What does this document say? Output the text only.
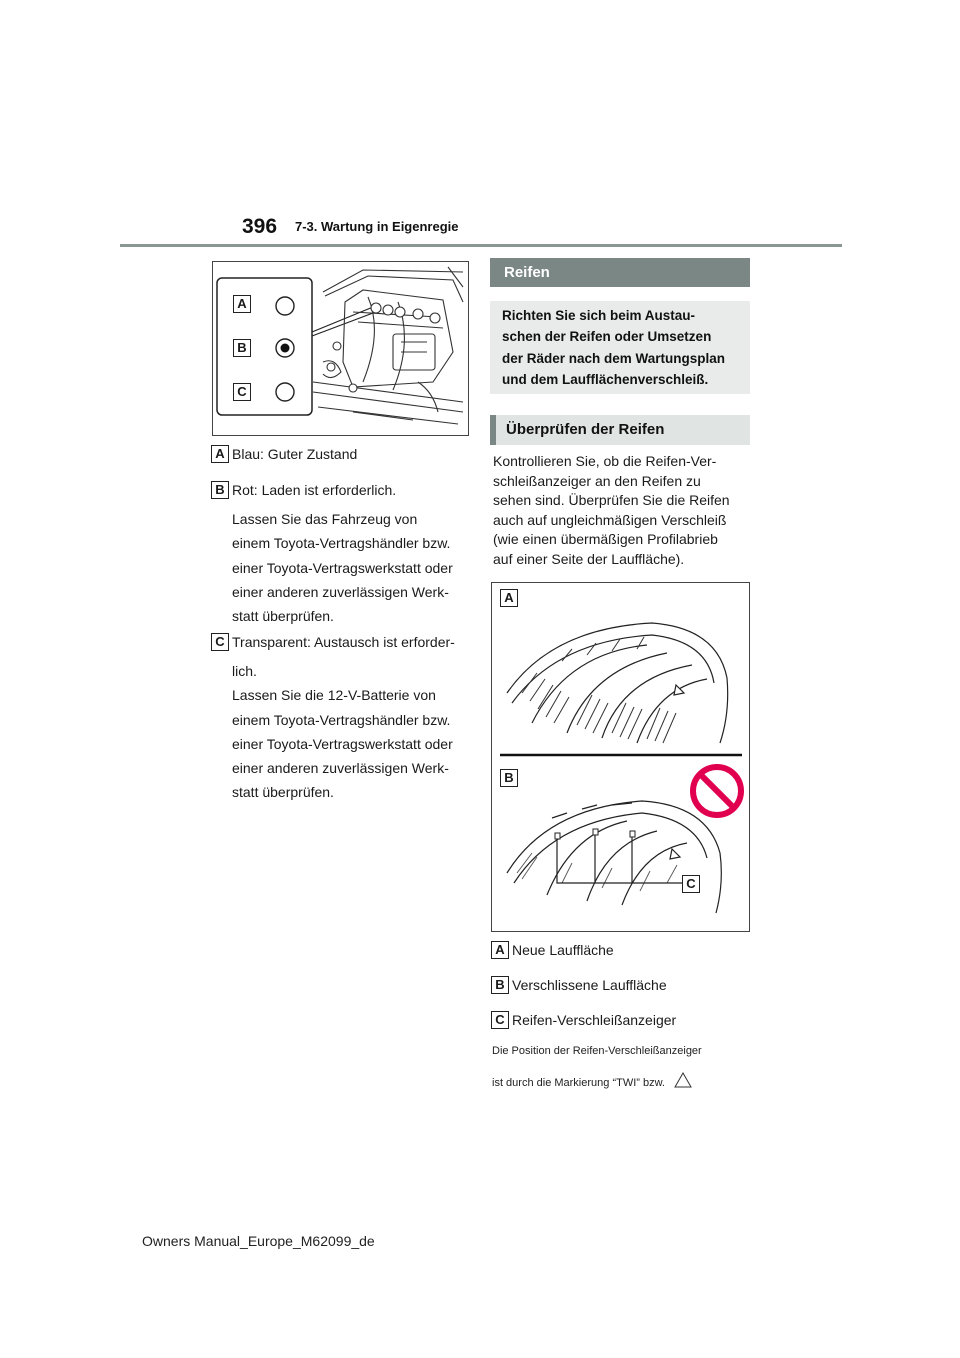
396 7-3. Wartung in Eigenregie
A
B
C
A Blau: Guter Zustand
B Rot: Laden ist erforderlich.
Lassen Sie das Fahrzeug von
einem Toyota-Vertragshändler bzw.
einer Toyota-Vertragswerkstatt oder
einer anderen zuverlässigen Werk-
statt überprüfen.
C Transparent: Austausch ist erforder-
lich.
Lassen Sie die 12-V-Batterie von
einem Toyota-Vertragshändler bzw.
einer Toyota-Vertragswerkstatt oder
einer anderen zuverlässigen Werk-
statt überprüfen.
Reifen
Richten Sie sich beim Austau-
schen der Reifen oder Umsetzen
der Räder nach dem Wartungsplan
und dem Laufflächenverschleiß.
Überprüfen der Reifen
Kontrollieren Sie, ob die Reifen-Ver-
schleißanzeiger an den Reifen zu
sehen sind. Überprüfen Sie die Reifen
auch auf ungleichmäßigen Verschleiß
(wie einen übermäßigen Profilabrieb
auf einer Seite der Lauffläche).
A
B
C
A Neue Lauffläche
B Verschlissene Lauffläche
C Reifen-Verschleißanzeiger
Die Position der Reifen-Verschleißanzeiger
ist durch die Markierung “TWI” bzw.
Owners Manual_Europe_M62099_de
